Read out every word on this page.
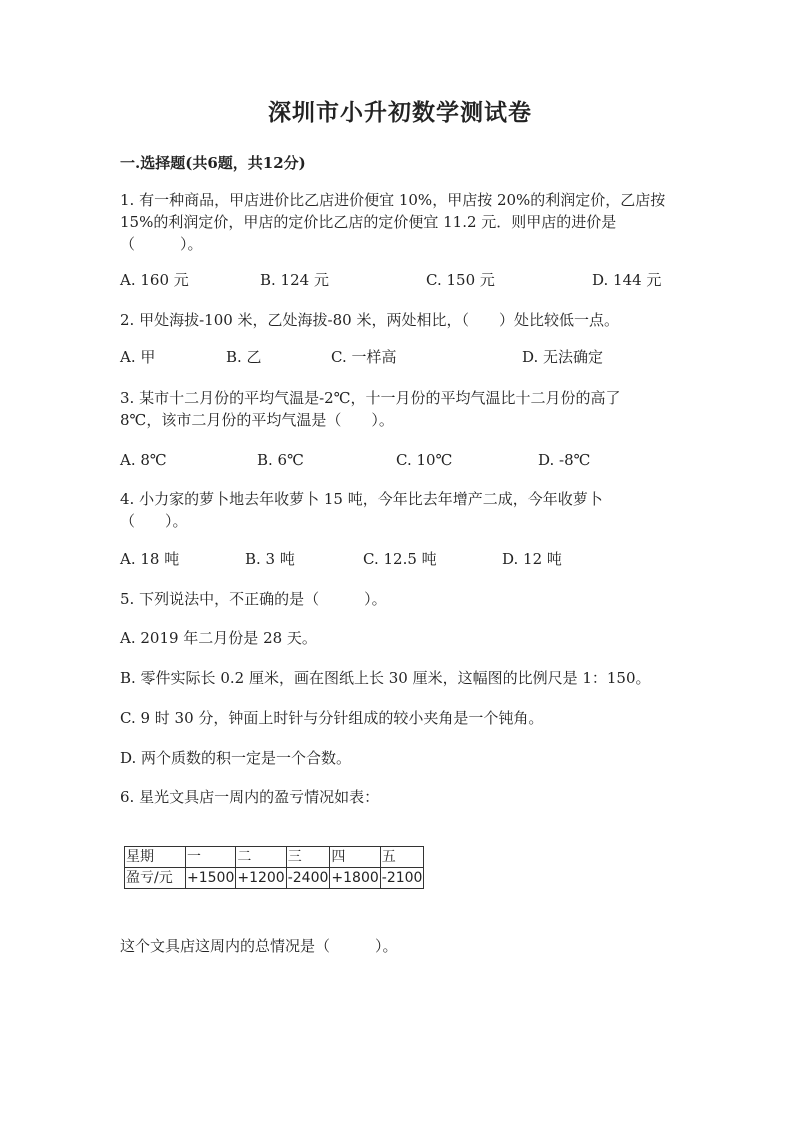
深圳市小升初数学测试卷
一.选择题(共6题，共12分)
1. 有一种商品，甲店进价比乙店进价便宜 10%，甲店按 20%的利润定价，乙店按
15%的利润定价，甲店的定价比乙店的定价便宜 11.2 元．则甲店的进价是
（　　　）。
A. 160 元	B. 124 元	C. 150 元	D. 144 元
2. 甲处海拔-100 米，乙处海拔-80 米，两处相比，（　　）处比较低一点。
A. 甲	B. 乙	C. 一样高	D. 无法确定
3. 某市十二月份的平均气温是-2℃，十一月份的平均气温比十二月份的高了
8℃，该市二月份的平均气温是（　　）。
A. 8℃	B. 6℃	C. 10℃	D. -8℃
4. 小力家的萝卜地去年收萝卜 15 吨，今年比去年增产二成，今年收萝卜
（　　）。
A. 18 吨	B. 3 吨	C. 12.5 吨	D. 12 吨
5. 下列说法中，不正确的是（　　　）。
A. 2019 年二月份是 28 天。
B. 零件实际长 0.2 厘米，画在图纸上长 30 厘米，这幅图的比例尺是 1：150。
C. 9 时 30 分，钟面上时针与分针组成的较小夹角是一个钝角。
D. 两个质数的积一定是一个合数。
6. 星光文具店一周内的盈亏情况如表：
星期	一	二	三	四	五
盈亏/元	+1500	+1200	-2400	+1800	-2100
这个文具店这周内的总情况是（　　　）。
